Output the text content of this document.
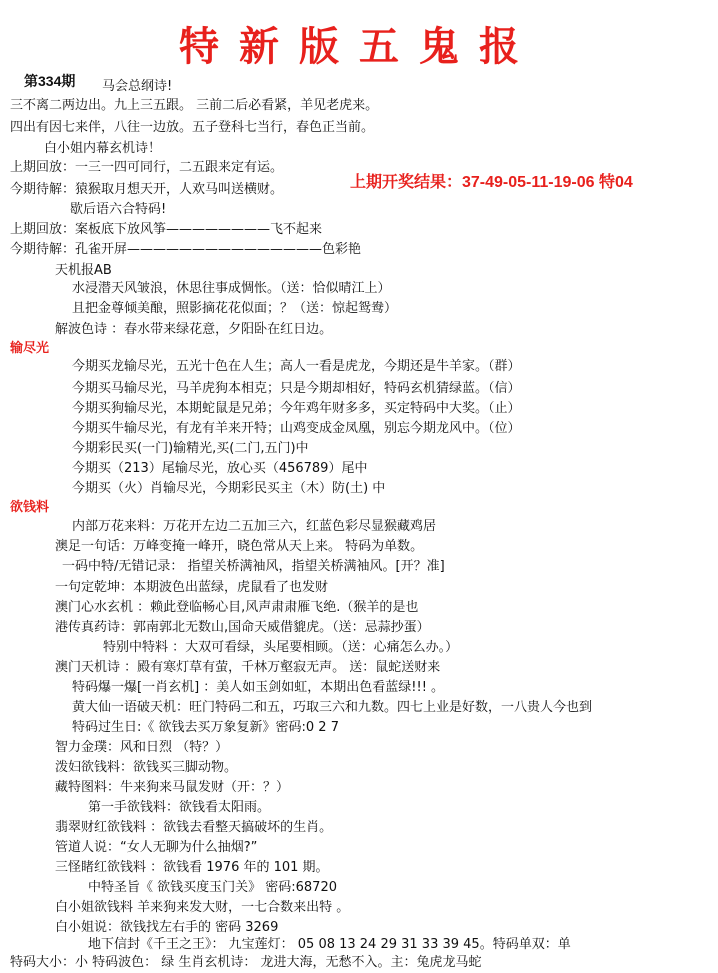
特新版五鬼报
第334期
上期开奖结果：37-49-05-11-19-06 特04
马会总纲诗!
三不离二两边出。九上三五跟。 三前二后必看紧，羊见老虎来。
四出有因七来伴，八往一边放。五子登科七当行，春色正当前。
白小姐内幕玄机诗！
上期回放：一三一四可同行，二五跟来定有运。
今期待解：猿猴取月想天开，人欢马叫送横财。
歇后语六合特码!
上期回放：案板底下放风筝————————飞不起来
今期待解：孔雀开屏———————————————色彩艳
天机报AB
水浸潜天风皱浪，休思往事成惆怅。（送：恰似晴江上）
且把金尊倾美酿，照影摘花花似面；？（送：惊起鸳鸯）
解波色诗 ：春水带来绿花意，夕阳卧在红日边。
输尽光
今期买龙输尽光，五光十色在人生；高人一看是虎龙，今期还是牛羊家。（群）
今期买马输尽光，马羊虎狗本相克；只是今期却相好，特码玄机猜绿蓝。（信）
今期买狗输尽光，本期蛇鼠是兄弟；今年鸡年财多多，买定特码中大奖。（止）
今期买牛输尽光，有龙有羊来开特；山鸡变成金凤凰，别忘今期龙风中。（位）
今期彩民买(一门)输精光,买(二门,五门)中
今期买（213）尾输尽光，放心买（456789）尾中
今期买（火）肖输尽光，今期彩民买主（木）防(土) 中
欲钱料
内部万花来料：万花开左边二五加三六，红蓝色彩尽显猴藏鸡居
澳足一句话：万峰变掩一峰开，晓色常从天上来。 特码为单数。
一码中特/无错记录： 指望关桥满袖风，指望关桥满袖风。[开？准]
一句定乾坤：本期波色出蓝绿，虎鼠看了也发财
澳门心水玄机 ：赖此登临畅心目,风声肃肃雁飞绝.（猴羊的是也
港传真药诗：郭南郭北无数山,国命天威借貔虎。（送：忌蒜抄蛋）
特别中特料 ：大双可看绿，头尾要相顾。（送：心痛怎么办。）
澳门天机诗 ：殿有寒灯草有萤，千林万壑寂无声。 送：鼠蛇送财来
特码爆一爆[一肖玄机] ：美人如玉剑如虹，本期出色看蓝绿!!! 。
黄大仙一语破天机：旺门特码二和五，巧取三六和九数。四七上业是好数，一八贵人今也到
特码过生日:《 欲钱去买万象复新》密码:0 2 7
智力金璞：风和日烈 （特？）
泼妇欲钱料：欲钱买三脚动物。
藏特图料：牛来狗来马鼠发财（开：？）
第一手欲钱料：欲钱看太阳雨。
翡翠财红欲钱料 ：欲钱去看整天搞破坏的生肖。
管道人说：“女人无聊为什么抽烟?”
三怪睹红欲钱料 ：欲钱看 1976 年的 101 期。
中特圣旨《 欲钱买度玉门关》 密码:68720
白小姐欲钱料 羊来狗来发大财，一七合数来出特 。
白小姐说：欲钱找左右手的 密码 3269
地下信封《千王之王》： 九宝莲灯： 05 08 13 24 29 31 33 39 45。特码单双：单
特码大小：小 特码波色： 绿 生肖玄机诗： 龙进大海，无愁不入。主：兔虎龙马蛇
